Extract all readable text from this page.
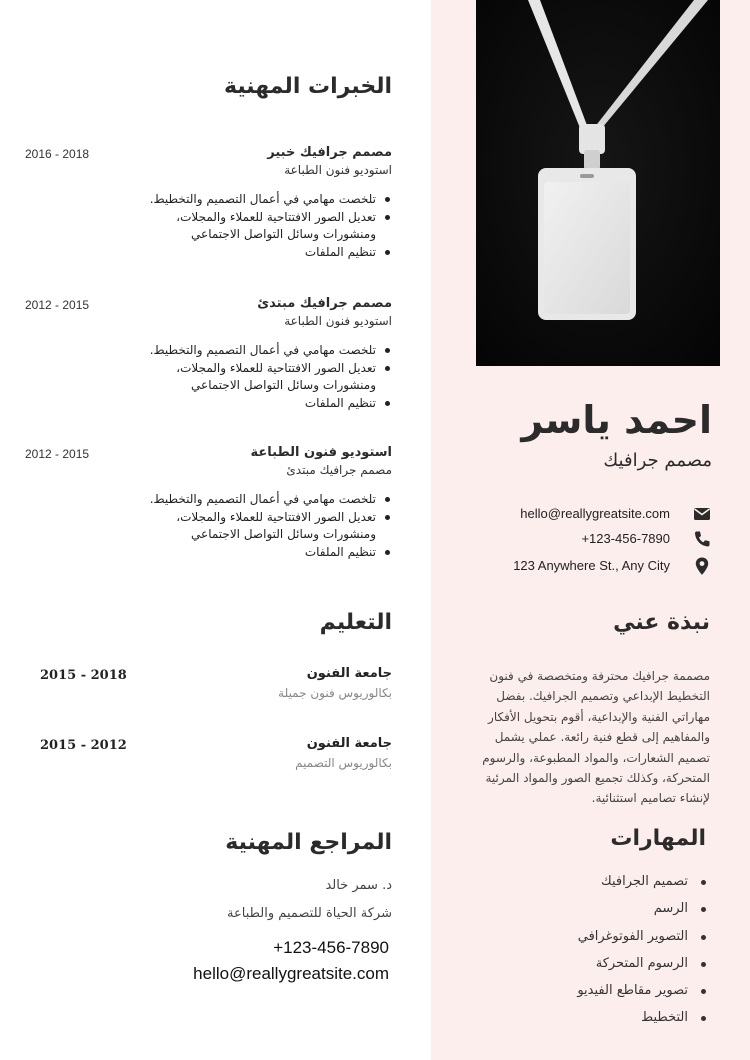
احمد ياسر
مصمم جرافيك
hello@reallygreatsite.com
+123-456-7890
123 Anywhere St., Any City
نبذة عني

مصممة جرافيك محترفة ومتخصصة في فنون التخطيط الإبداعي وتصميم الجرافيك. بفضل مهاراتي الفنية والإبداعية، أقوم بتحويل الأفكار والمفاهيم إلى قطع فنية رائعة. عملي يشمل تصميم الشعارات، والمواد المطبوعة، والرسوم المتحركة، وكذلك تجميع الصور والمواد المرئية لإنشاء تصاميم استثنائية.

المهارات
تصميم الجرافيك
الرسم
التصوير الفوتوغرافي
الرسوم المتحركة
تصوير مقاطع الفيديو
التخطيط
الخبرات المهنية
2016 - 2018	مصمم جرافيك خبير
استوديو فنون الطباعة
تلخصت مهامي في أعمال التصميم والتخطيط.
تعديل الصور الافتتاحية للعملاء والمجلات، ومنشورات وسائل التواصل الاجتماعي
تنظيم الملفات
2012 - 2015	مصمم جرافيك مبتدئ
استوديو فنون الطباعة
تلخصت مهامي في أعمال التصميم والتخطيط.
تعديل الصور الافتتاحية للعملاء والمجلات، ومنشورات وسائل التواصل الاجتماعي
تنظيم الملفات
2012 - 2015	استوديو فنون الطباعة
مصمم جرافيك مبتدئ
تلخصت مهامي في أعمال التصميم والتخطيط.
تعديل الصور الافتتاحية للعملاء والمجلات، ومنشورات وسائل التواصل الاجتماعي
تنظيم الملفات
التعليم
2015 - 2018	جامعة الفنون
بكالوريوس فنون جميلة
2015 - 2012	جامعة الفنون
بكالوريوس التصميم
المراجع المهنية
د. سمر خالد
شركة الحياة للتصميم والطباعة
+123-456-7890
hello@reallygreatsite.com
